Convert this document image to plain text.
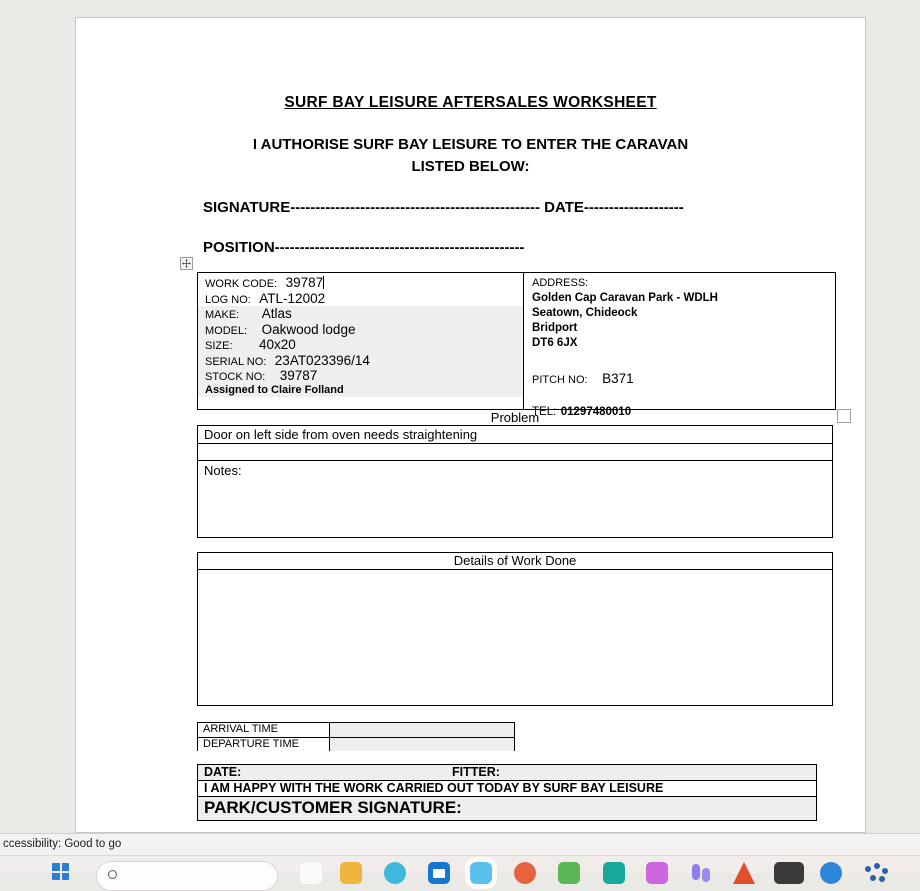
SURF BAY LEISURE AFTERSALES WORKSHEET
I AUTHORISE SURF BAY LEISURE TO ENTER THE CARAVAN
LISTED BELOW:
SIGNATURE-------------------------------------------------- DATE--------------------
POSITION--------------------------------------------------
WORK CODE: 39787
LOG NO: ATL-12002
MAKE: Atlas
MODEL: Oakwood lodge
SIZE: 40x20
SERIAL NO: 23AT023396/14
STOCK NO: 39787
Assigned to Claire Folland
ADDRESS:
Golden Cap Caravan Park - WDLH
Seatown, Chideock
Bridport
DT6 6JX
PITCH NO: B371
TEL: 01297480010
Problem
Door on left side from oven needs straightening
Notes:
Details of Work Done
ARRIVAL TIME
DEPARTURE TIME
DATE:	FITTER:
I AM HAPPY WITH THE WORK CARRIED OUT TODAY BY SURF BAY LEISURE
PARK/CUSTOMER SIGNATURE:
ccessibility: Good to go
